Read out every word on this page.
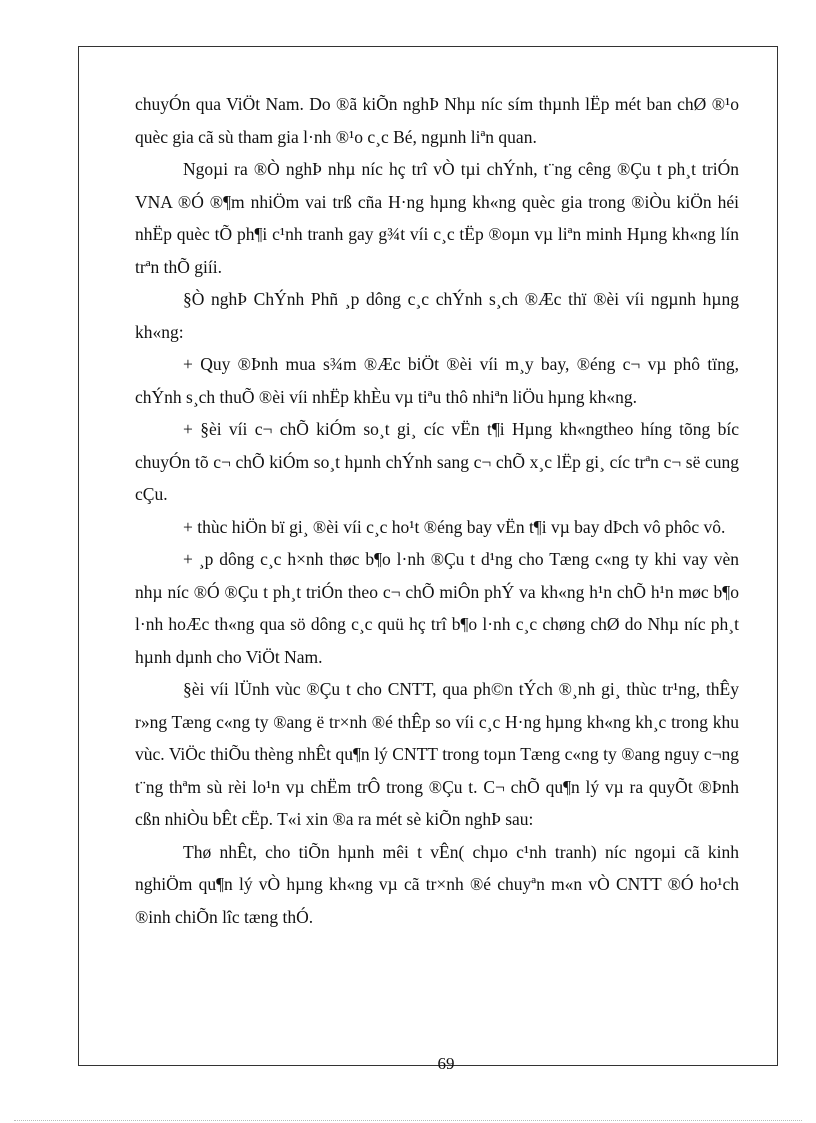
chuyÓn qua ViÖt Nam. Do ®ã kiÕn nghÞ Nhµ níc sím thµnh lËp mét ban chØ ®¹o quèc gia cã sù tham gia l·nh ®¹o c¸c Bé, ngµnh liªn quan.

Ngoµi ra ®Ò nghÞ nhµ níc hç trî vÒ tµi chÝnh, t¨ng cêng ®Çu t ph¸t triÓn VNA ®Ó ®¶m nhiÖm vai trß cña H·ng hµng kh«ng quèc gia trong ®iÒu kiÖn héi nhËp quèc tÕ ph¶i c¹nh tranh gay g¾t víi c¸c tËp ®oµn vµ liªn minh Hµng kh«ng lín trªn thÕ giíi.

§Ò nghÞ ChÝnh Phñ ¸p dông c¸c chÝnh s¸ch ®Æc thï ®èi víi ngµnh hµng kh«ng:

+ Quy ®Þnh mua s¾m ®Æc biÖt ®èi víi m¸y bay, ®éng c¬ vµ phô tïng, chÝnh s¸ch thuÕ ®èi víi nhËp khÈu vµ tiªu thô nhiªn liÖu hµng kh«ng.

+ §èi víi c¬ chÕ kiÓm so¸t gi¸ cíc vËn t¶i Hµng kh«ngtheo híng tõng bíc chuyÓn tõ c¬ chÕ kiÓm so¸t hµnh chÝnh sang c¬ chÕ x¸c lËp gi¸ cíc trªn c¬ së cung cÇu.

+ thùc hiÖn bï gi¸ ®èi víi c¸c ho¹t ®éng bay vËn t¶i vµ bay dÞch vô phôc vô.

+ ¸p dông c¸c h×nh thøc b¶o l·nh ®Çu t d¹ng cho Tæng c«ng ty khi vay vèn nhµ níc ®Ó ®Çu t ph¸t triÓn theo c¬ chÕ miÔn phÝ va kh«ng h¹n chÕ h¹n møc b¶o l·nh hoÆc th«ng qua sö dông c¸c quü hç trî b¶o l·nh c¸c chøng chØ do Nhµ níc ph¸t hµnh dµnh cho ViÖt Nam.

§èi víi lÜnh vùc ®Çu t cho CNTT, qua ph©n tÝch ®¸nh gi¸ thùc tr¹ng, thÊy r»ng Tæng c«ng ty ®ang ë tr×nh ®é thÊp so víi c¸c H·ng hµng kh«ng kh¸c trong khu vùc. ViÖc thiÕu thèng nhÊt qu¶n lý CNTT trong toµn Tæng c«ng ty ®ang nguy c¬ng t¨ng thªm sù rèi lo¹n vµ chËm trÔ trong ®Çu t. C¬ chÕ qu¶n lý vµ ra quyÕt ®Þnh cßn nhiÒu bÊt cËp. T«i xin ®a ra mét sè kiÕn nghÞ sau:

Thø nhÊt, cho tiÕn hµnh mêi t vÊn( chµo c¹nh tranh) níc ngoµi cã kinh nghiÖm qu¶n lý vÒ hµng kh«ng vµ cã tr×nh ®é chuyªn m«n vÒ CNTT ®Ó ho¹ch ®inh chiÕn lîc tæng thÓ.

69
